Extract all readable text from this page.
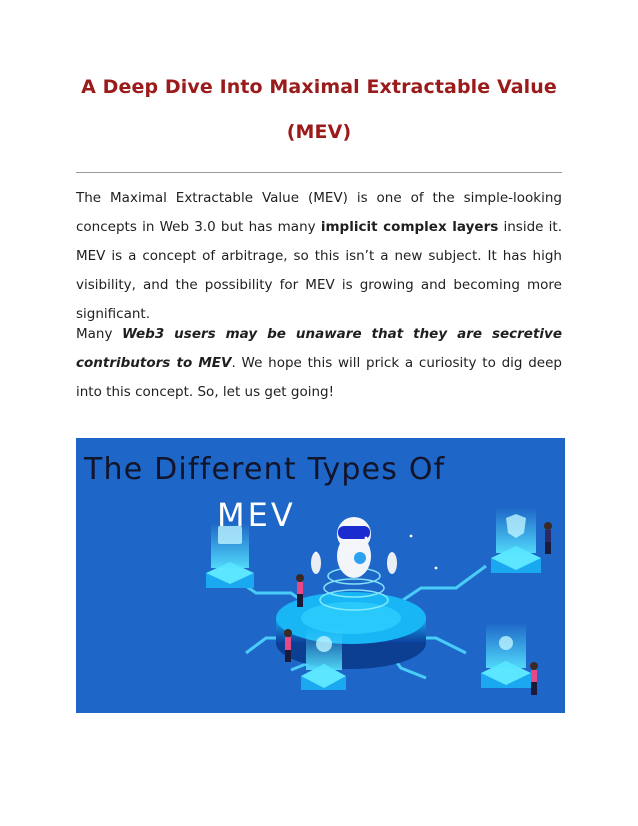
A Deep Dive Into Maximal Extractable Value
(MEV)

The Maximal Extractable Value (MEV) is one of the simple-looking concepts in Web 3.0 but has many implicit complex layers inside it. MEV is a concept of arbitrage, so this isn’t a new subject. It has high visibility, and the possibility for MEV is growing and becoming more significant.

Many Web3 users may be unaware that they are secretive contributors to MEV. We hope this will prick a curiosity to dig deep into this concept. So, let us get going!

The Different Types Of
MEV
